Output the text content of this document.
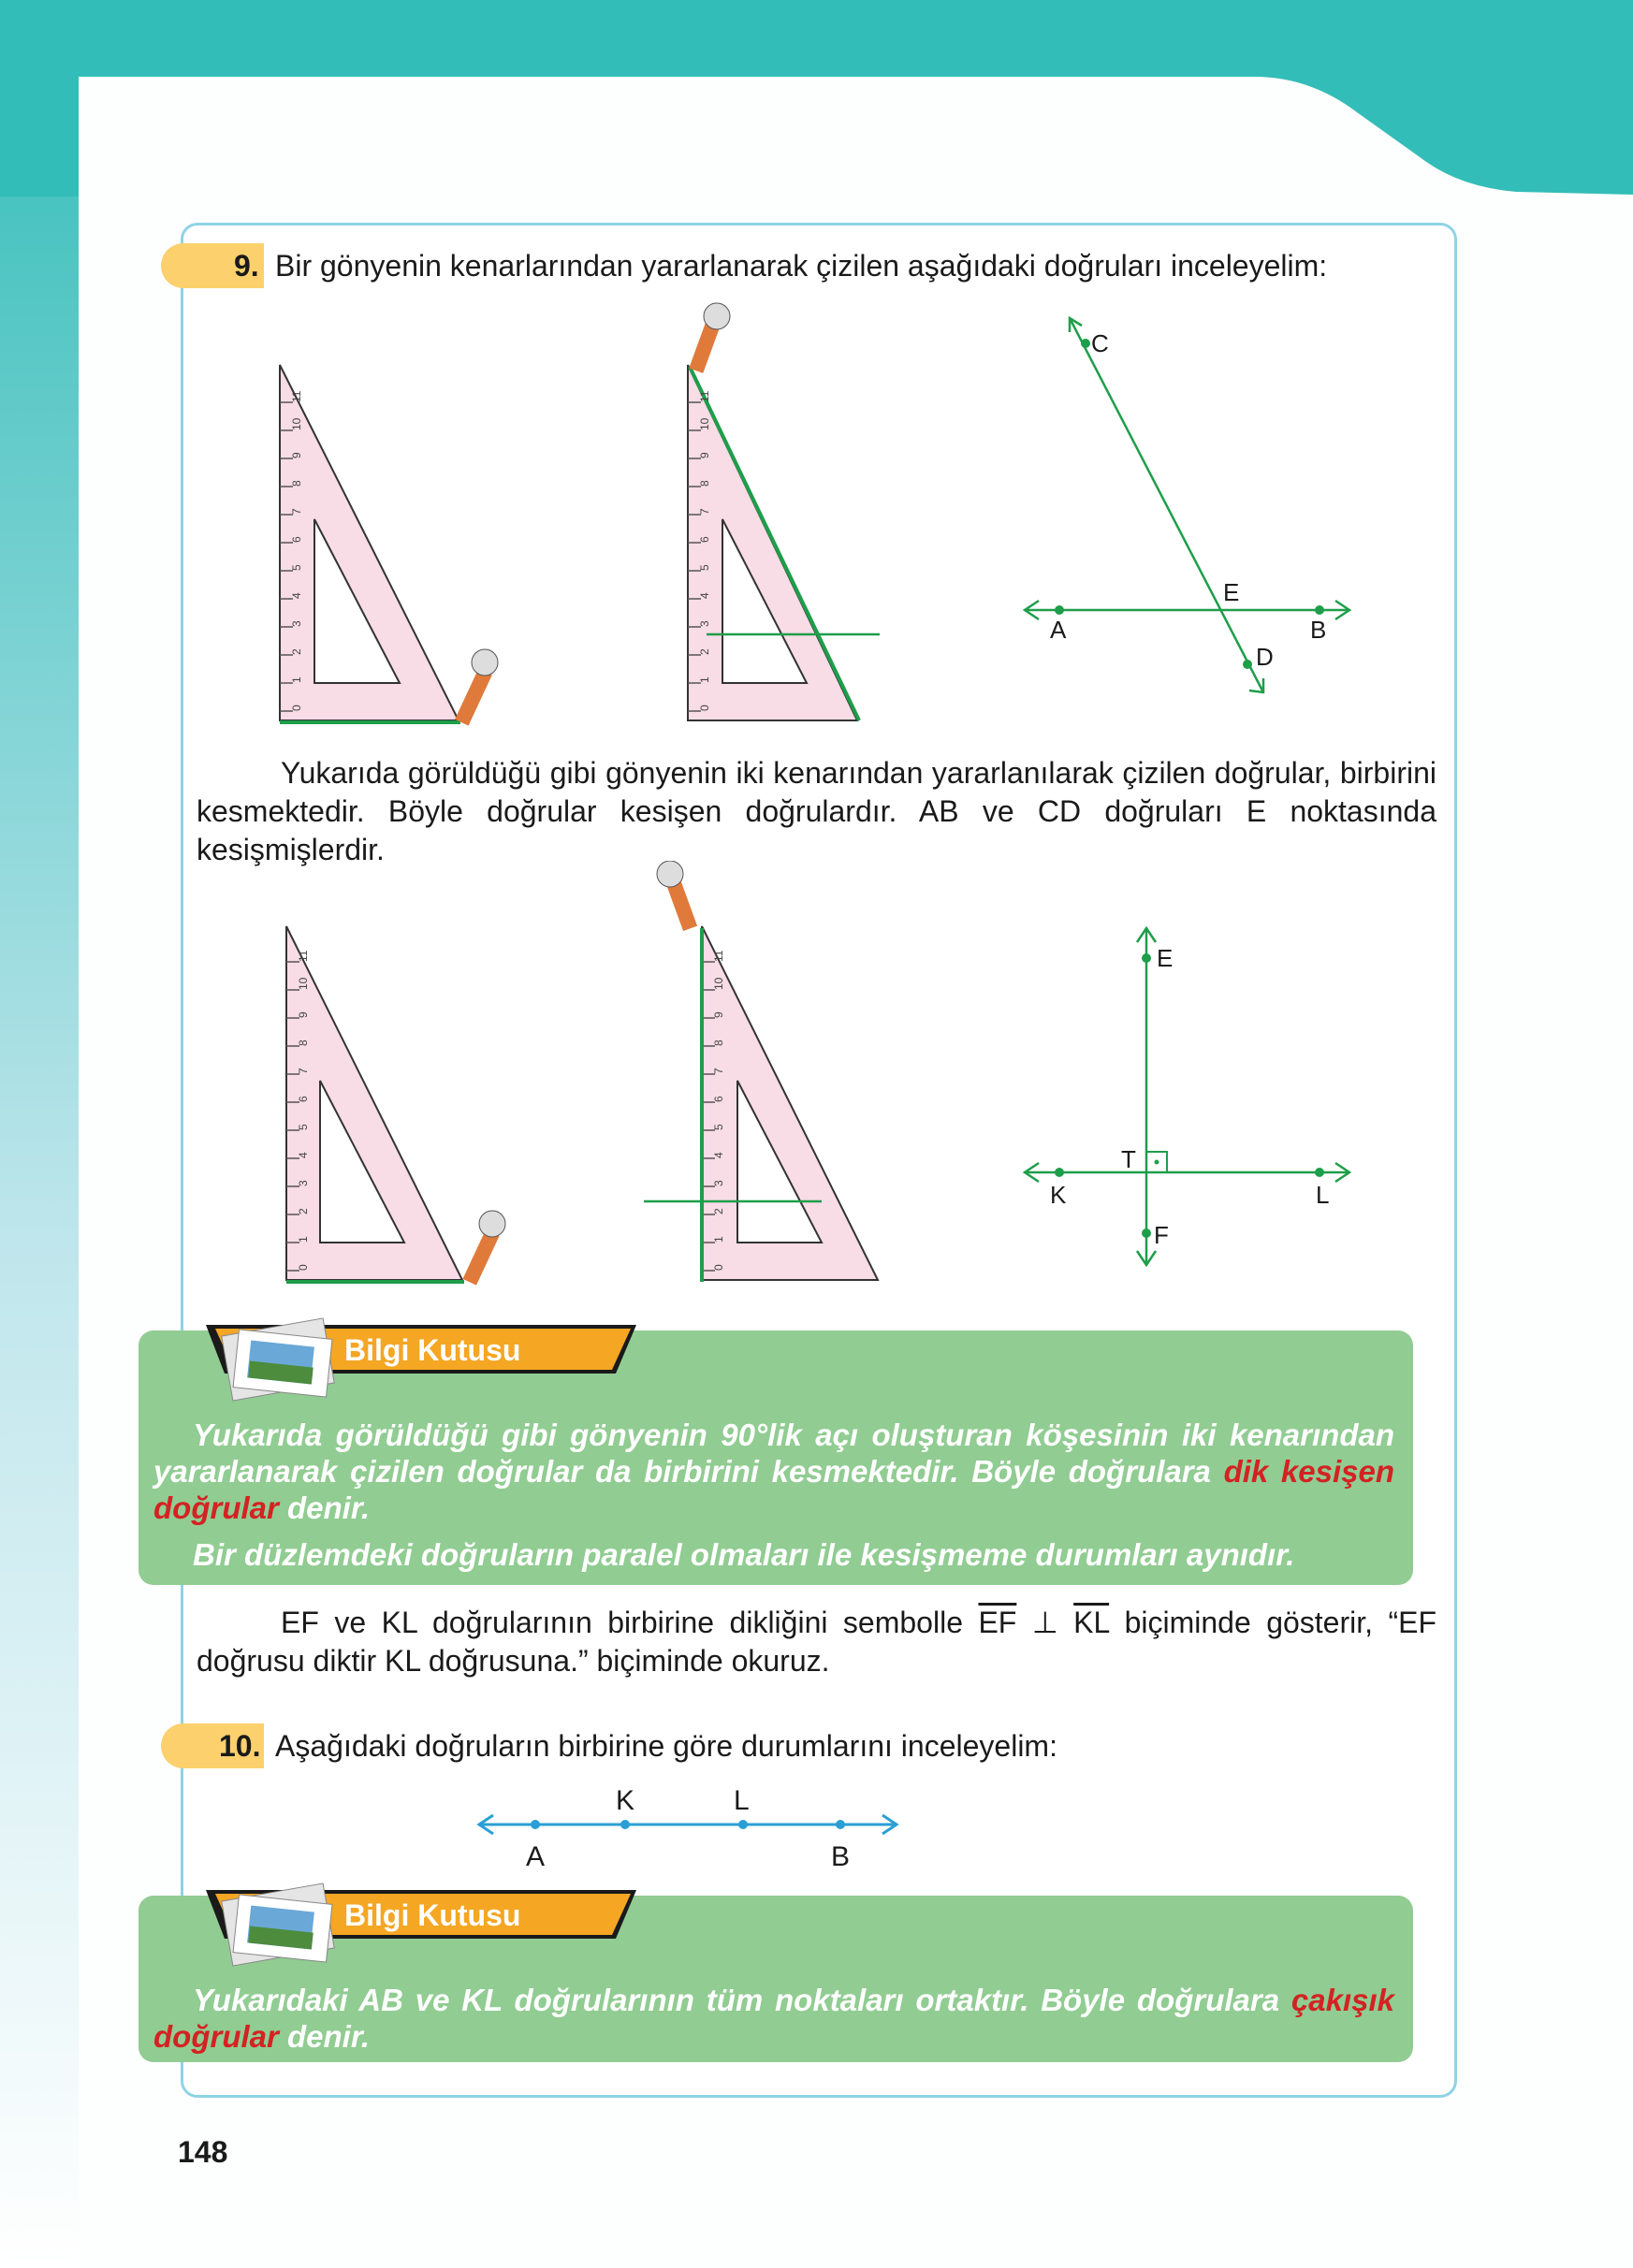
9. Bir gönyenin kenarlarından yararlanarak çizilen aşağıdaki doğruları inceleyelim:
C
E
A	B
D
0
1
2
3
4
5
6
7
8
9
10
11
0
1
2
3
4
5
6
7
8
9
10
11
Yukarıda görüldüğü gibi gönyenin iki kenarından yararlanılarak çizilen doğrular, birbirini kesmektedir. Böyle doğrular kesişen doğrulardır. AB ve CD doğruları E noktasında kesişmişlerdir.
E
T
K	L
F
0
1
2
3
4
5
6
7
8
9
10
11
0
1
2
3
4
5
6
7
8
9
10
11
Bilgi Kutusu
Yukarıda görüldüğü gibi gönyenin 90°lik açı oluşturan köşesinin iki kenarından yararlanarak çizilen doğrular da birbirini kesmektedir. Böyle doğrulara dik kesişen doğrular denir.
Bir düzlemdeki doğruların paralel olmaları ile kesişmeme durumları aynıdır.
EF ve KL doğrularının birbirine dikliğini sembolle $\overline{EF}$ ⊥ $\overline{KL}$ biçiminde gösterir, “EF doğrusu diktir KL doğrusuna.” biçiminde okuruz.
10. Aşağıdaki doğruların birbirine göre durumlarını inceleyelim:
K	L
A	B
Bilgi Kutusu
Yukarıdaki AB ve KL doğrularının tüm noktaları ortaktır. Böyle doğrulara çakışık doğrular denir.
148
